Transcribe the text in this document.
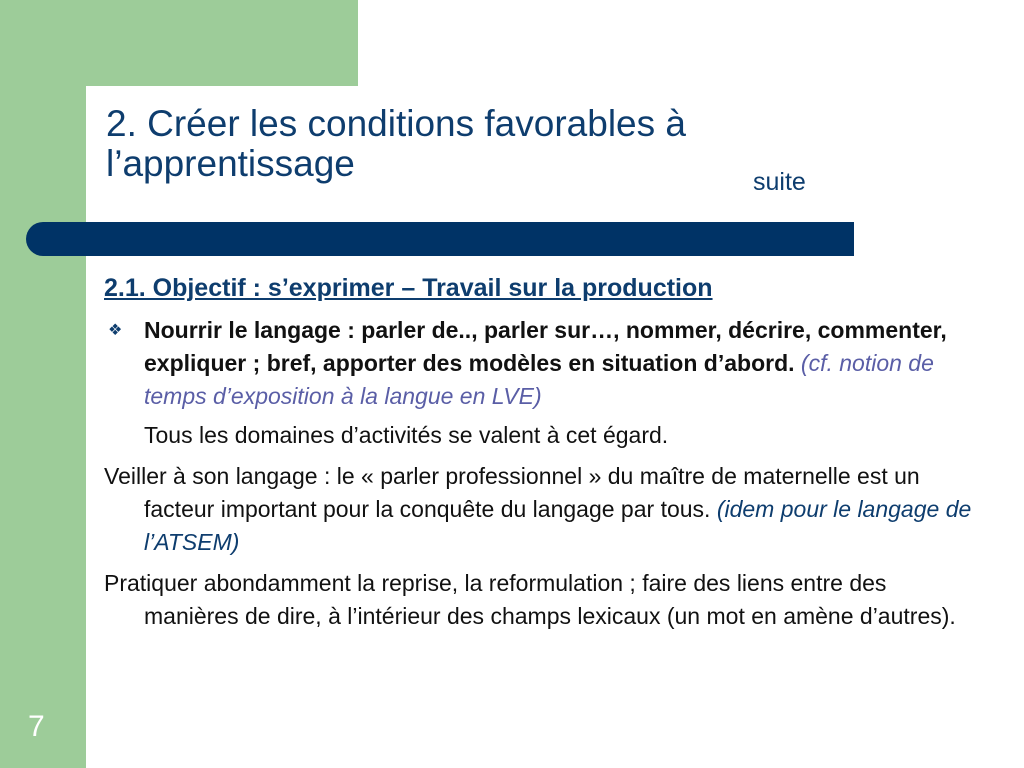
2. Créer les conditions favorables à
l’apprentissage	suite
2.1. Objectif : s’exprimer – Travail sur la production
❖ Nourrir le langage : parler de.., parler sur…, nommer, décrire, commenter, expliquer ; bref, apporter des modèles en situation d’abord. (cf. notion de temps d’exposition à la langue en LVE)
Tous les domaines d’activités se valent à cet égard.
Veiller à son langage : le « parler professionnel » du maître de maternelle est un facteur important pour la conquête du langage par tous. (idem pour le langage de l’ATSEM)
Pratiquer abondamment la reprise, la reformulation ; faire des liens entre des manières de dire, à l’intérieur des champs lexicaux (un mot en amène d’autres).
7
